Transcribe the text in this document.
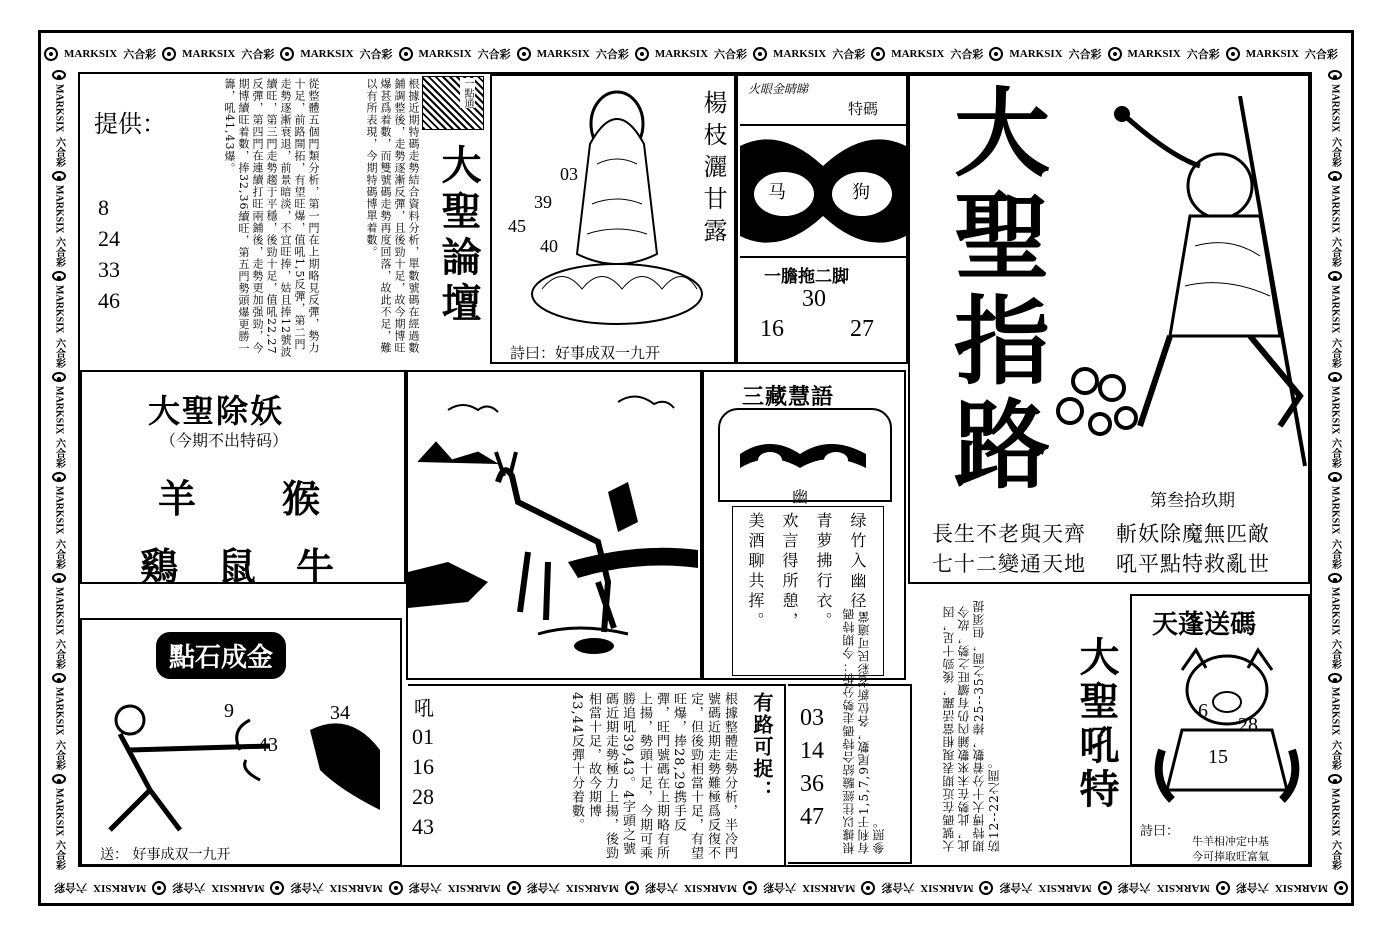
MARKSIX 六合彩 MARKSIX 六合彩 MARKSIX 六合彩 MARKSIX 六合彩 MARKSIX 六合彩 MARKSIX 六合彩 MARKSIX 六合彩 MARKSIX 六合彩 MARKSIX 六合彩 MARKSIX 六合彩 MARKSIX 六合彩
MARKSIX
六合彩
MARKSIX
六合彩
MARKSIX
六合彩
MARKSIX
六合彩
MARKSIX
六合彩
MARKSIX
六合彩
MARKSIX
六合彩
MARKSIX
六合彩
MARKSIX
六合彩
MARKSIX
六合彩
MARKSIX
六合彩
MARKSIX
六合彩
MARKSIX
六合彩
MARKSIX
六合彩
MARKSIX
六合彩
MARKSIX
六合彩
MARKSIX
六合彩
MARKSIX
六合彩
MARKSIX
六合彩
MARKSIX
六合彩
MARKSIX
六合彩
MARKSIX
六合彩
MARKSIX
六合彩
MARKSIX
六合彩
MARKSIX
六合彩
MARKSIX
六合彩
MARKSIX
六合彩
提供：
8
24
33
46	從整體五個門類分析，第一門在上期略見反彈，勢力十足，前路開拓，有望旺爆，值吼1,5反彈，第二門走勢逐漸衰退，前景暗淡，不宜旺捧，姑且捧12號波續旺，第三門走勢趨于平穩，後勁十足，值吼22,27反彈，第四門在連續打旺兩鋪後，走勢更加强勁，今期博續旺着數，捧32,36續旺，第五門勢頭爆更勝一籌，吼41,43爆。	根據近期特碼走勢結合資料分析，單數號碼在經過數鋪調整後，走勢逐漸反彈，且後勁十足，故今期博旺爆甚爲着數，而雙號碼走勢再度回落，故此不足，難以有所表現，今期特碼博單着數。	一點通
大聖論壇	03
39
45
40	楊枝灑甘露
詩曰：好事成双一九开
火眼金睛睇
特碼
马	狗
一膽拖二脚
30
16	27
大
聖
指
路	第叁拾玖期
長生不老與天齊
七十二變通天地
斬妖除魔無匹敵
吼平點特救亂世
大聖除妖
（今期不出特码）
羊 猴
鷄 鼠 牛
三藏慧語
幽
绿竹入幽径，
青萝拂行衣。
欢言得所憩，
美酒聊共挥。
點石成金
9
43
34
16
送： 好事成双一九开
吼
01
16
28
43	根據整體走勢分析，半冷門號碼近期走勢難極爲反復不定，但後勁相當十足，有望旺爆，捧28,29携手反彈，旺門號碼在上期略有所上揚，勢頭十足，今期可乘勝追吼39,43。4字頭之號碼近期走勢極力上揚，後勁相當十足，故今期博43,44反彈十分着數。	有路可捉： 03
14
36
47 根據以往經驗結合特碼走勢分析：今期特碼有利于1,5,7,9尾數，各位新老彩民可適當參照。	大號碼在近期表現相當活躍，後勁十足，因此，此勢在未來數鋪內仍有續旺之勢，故今期特博大十分着數，捧25--35之間，但須提防12--22之間。	大聖吼特
天蓬送碼
6
28
15
詩曰：
牛羊相冲定中基
今可捧取旺富氣
